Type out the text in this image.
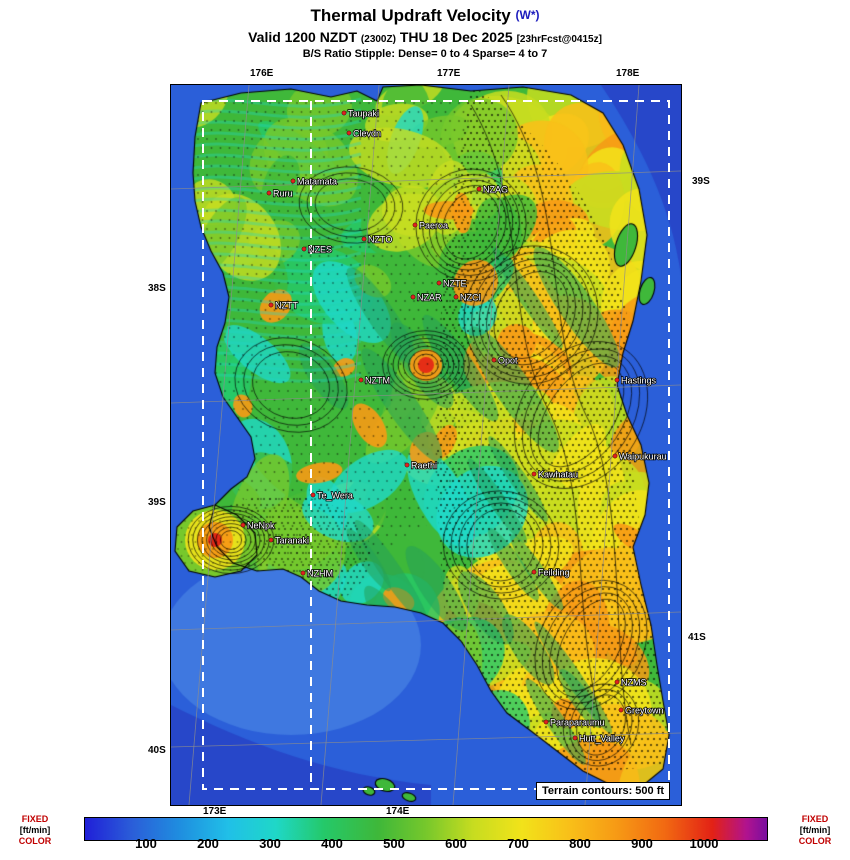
Thermal Updraft Velocity (W*)
Valid 1200 NZDT (2300Z) THU 18 Dec 2025 [23hrFcst@0415z]
B/S Ratio Stipple: Dense= 0 to 4 Sparse= 4 to 7
176E	177E	178E
173E	174E
38S
39S
40S
39S
41S
Taupaki
Clevdn
Matamata
Ruru	NZAG
Paeroa
NZTO
NZES
NZTE
NZAR NZCI
NZTT
Opot
NZTM	Hastings
Raethi
Kawhatau
Waipukurau
Te_Wera
NeNpk
Taranaki
NZHM	Feilding
NZMS
Greytown
Paraparaumu
Hutt_Valley
Terrain contours: 500 ft
FIXED
[ft/min]
COLOR	100	200	300	400	500	600	700	800	900	1000
FIXED
[ft/min]
COLOR
